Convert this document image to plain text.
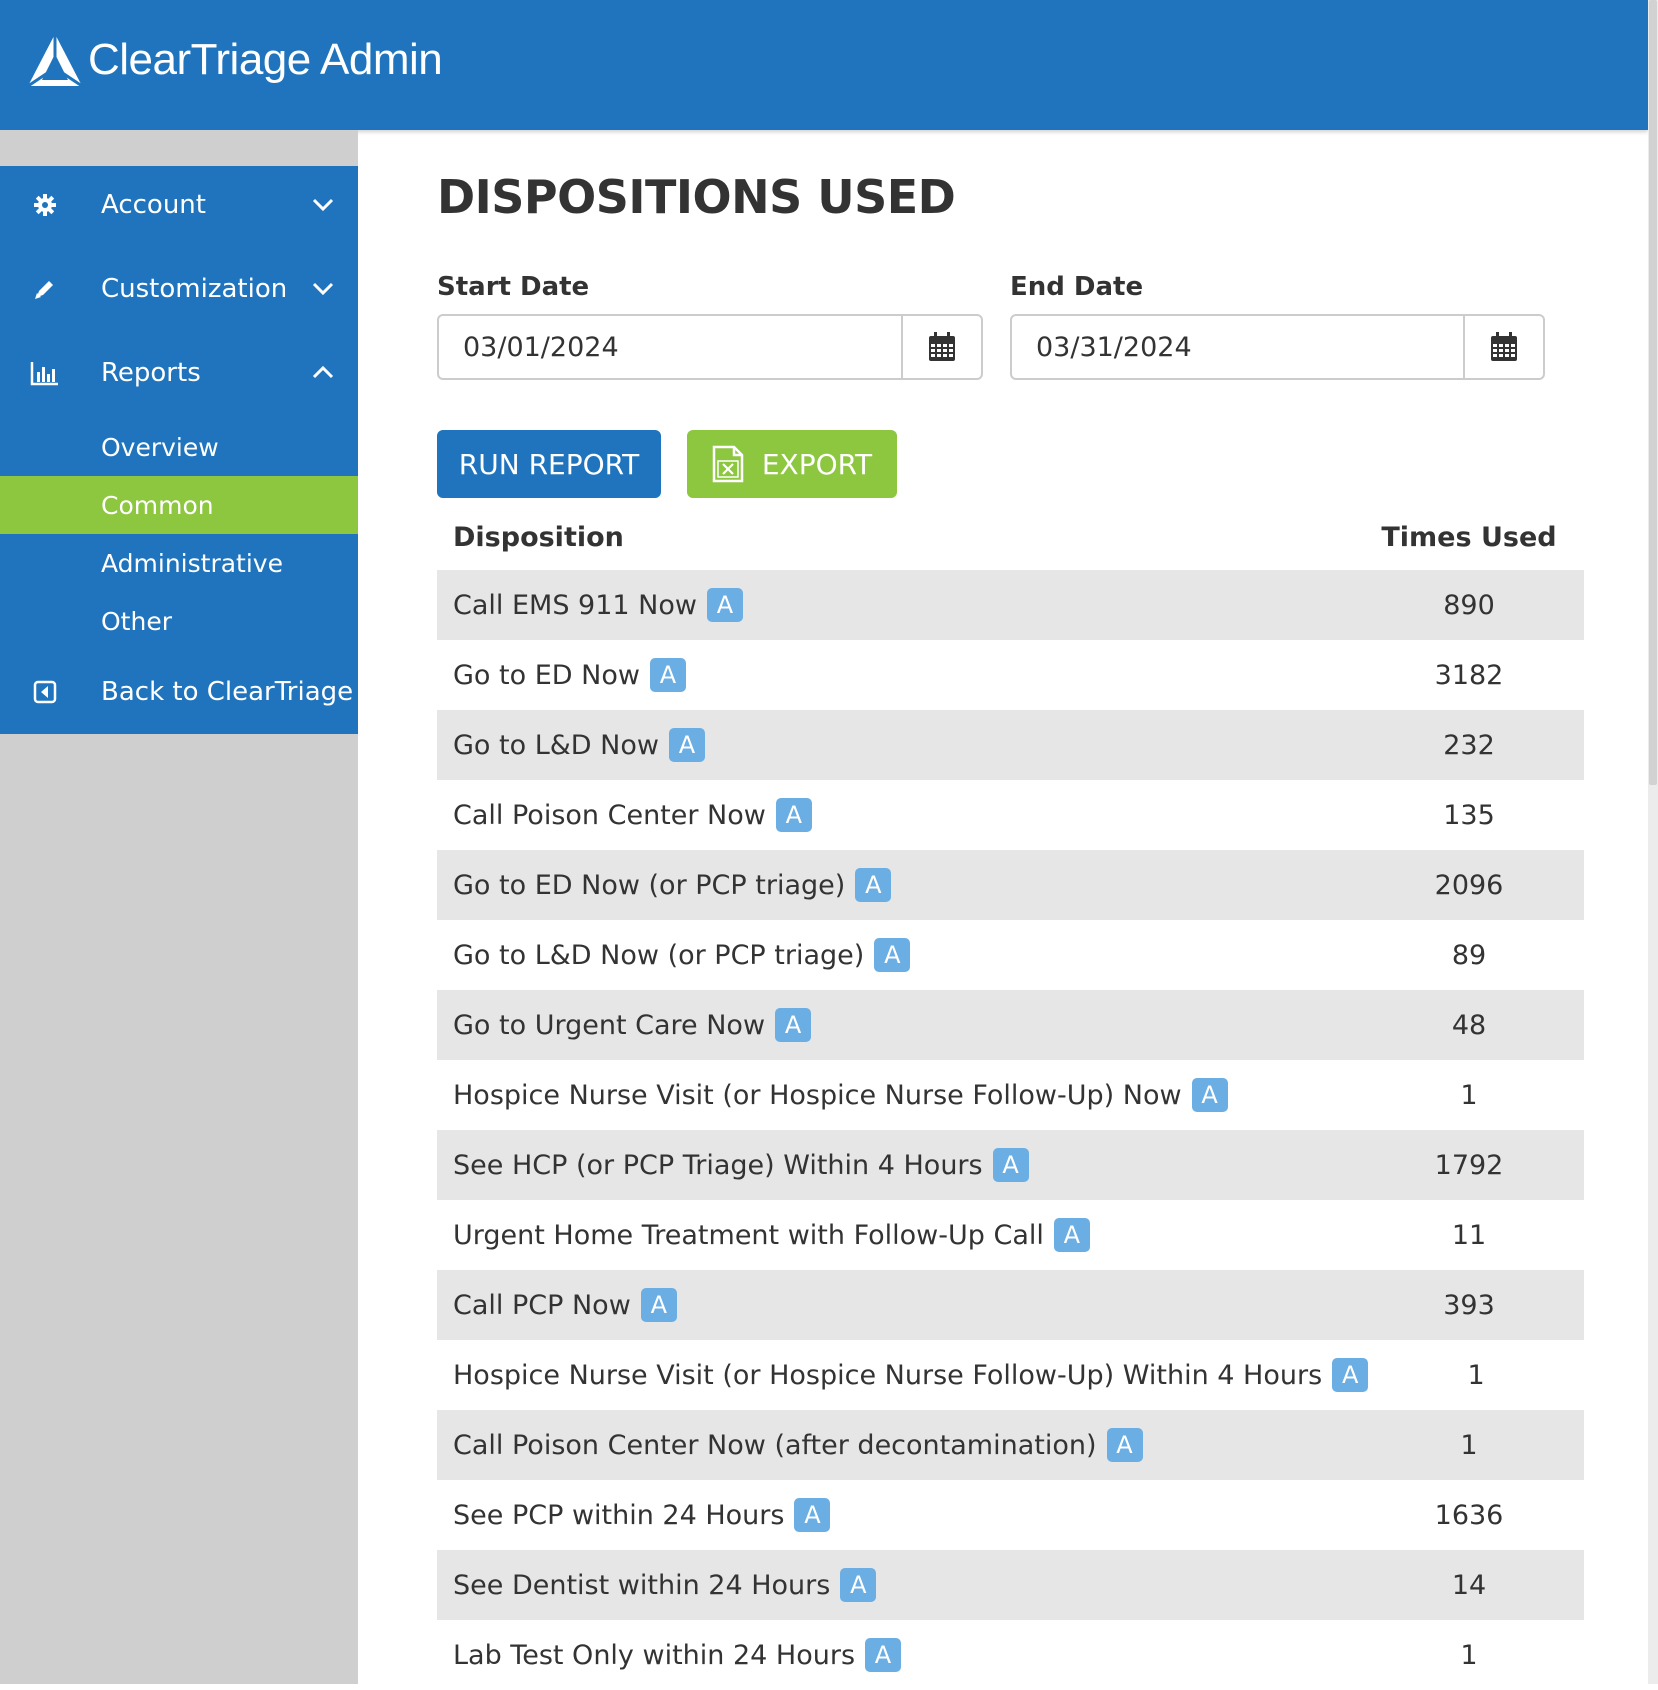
ClearTriage Admin
Account
Customization
Reports
Overview
Common
Administrative
Other
Back to ClearTriage
DISPOSITIONS USED
Start Date
03/01/2024	End Date
03/31/2024
RUN REPORT	EXPORT
Disposition	Times Used
Call EMS 911 Now A	890
Go to ED Now A	3182
Go to L&D Now A	232
Call Poison Center Now A	135
Go to ED Now (or PCP triage) A	2096
Go to L&D Now (or PCP triage) A	89
Go to Urgent Care Now A	48
Hospice Nurse Visit (or Hospice Nurse Follow-Up) Now A	1
See HCP (or PCP Triage) Within 4 Hours A	1792
Urgent Home Treatment with Follow-Up Call A	11
Call PCP Now A	393
Hospice Nurse Visit (or Hospice Nurse Follow-Up) Within 4 Hours A	1
Call Poison Center Now (after decontamination) A	1
See PCP within 24 Hours A	1636
See Dentist within 24 Hours A	14
Lab Test Only within 24 Hours A	1
